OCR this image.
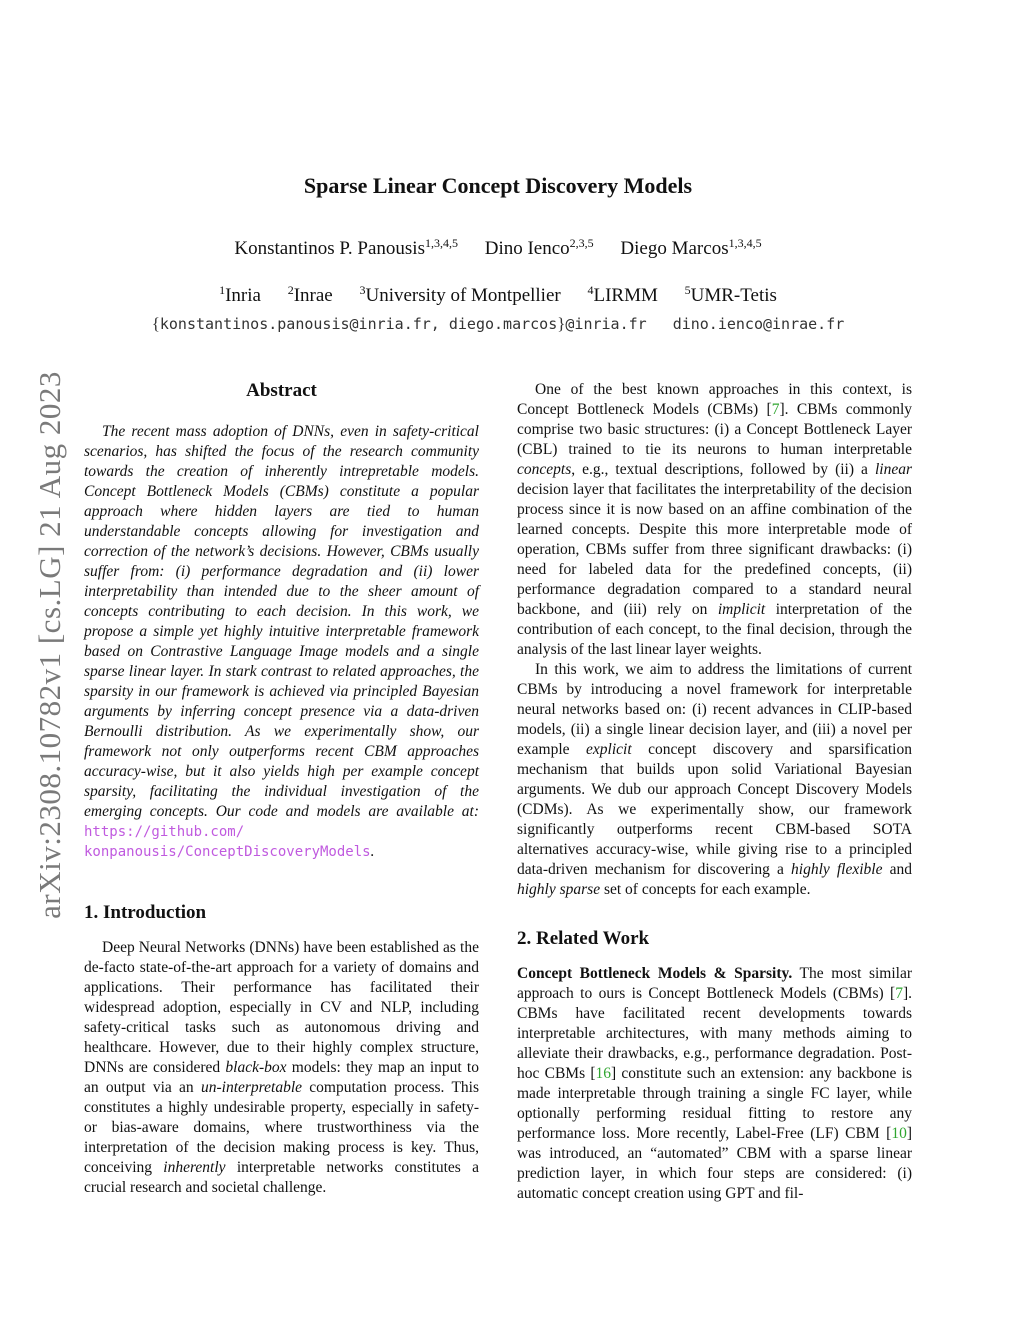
arXiv:2308.10782v1 [cs.LG] 21 Aug 2023
Sparse Linear Concept Discovery Models
Konstantinos P. Panousis$^{1,3,4,5}$ Dino Ienco$^{2,3,5}$ Diego Marcos$^{1,3,4,5}$
$^1$Inria $^2$Inrae $^3$University of Montpellier $^4$LIRMM $^5$UMR-Tetis
{konstantinos.panousis@inria.fr, diego.marcos}@inria.fr dino.ienco@inrae.fr
Abstract

The recent mass adoption of DNNs, even in safety-critical scenarios, has shifted the focus of the research community towards the creation of inherently intrepretable models. Concept Bottleneck Models (CBMs) constitute a popular approach where hidden layers are tied to human understandable concepts allowing for investigation and correction of the network’s decisions. However, CBMs usually suffer from: (i) performance degradation and (ii) lower interpretability than intended due to the sheer amount of concepts contributing to each decision. In this work, we propose a simple yet highly intuitive interpretable framework based on Contrastive Language Image models and a single sparse linear layer. In stark contrast to related approaches, the sparsity in our framework is achieved via principled Bayesian arguments by inferring concept presence via a data-driven Bernoulli distribution. As we experimentally show, our framework not only outperforms recent CBM approaches accuracy-wise, but it also yields high per example concept sparsity, facilitating the individual investigation of the emerging concepts. Our code and models are available at: https://github.com/ konpanousis/ConceptDiscoveryModels.

1. Introduction

Deep Neural Networks (DNNs) have been established as the de-facto state-of-the-art approach for a variety of domains and applications. Their performance has facilitated their widespread adoption, especially in CV and NLP, including safety-critical tasks such as autonomous driving and healthcare. However, due to their highly complex structure, DNNs are considered black-box models: they map an input to an output via an un-interpretable computation process. This constitutes a highly undesirable property, especially in safety- or bias-aware domains, where trustworthiness via the interpretation of the decision making process is key. Thus, conceiving inherently interpretable networks constitutes a crucial research and societal challenge.

One of the best known approaches in this context, is Concept Bottleneck Models (CBMs) [7]. CBMs commonly comprise two basic structures: (i) a Concept Bottleneck Layer (CBL) trained to tie its neurons to human interpretable concepts, e.g., textual descriptions, followed by (ii) a linear decision layer that facilitates the interpretability of the decision process since it is now based on an affine combination of the learned concepts. Despite this more interpretable mode of operation, CBMs suffer from three significant drawbacks: (i) need for labeled data for the predefined concepts, (ii) performance degradation compared to a standard neural backbone, and (iii) rely on implicit interpretation of the contribution of each concept, to the final decision, through the analysis of the last linear layer weights.

In this work, we aim to address the limitations of current CBMs by introducing a novel framework for interpretable neural networks based on: (i) recent advances in CLIP-based models, (ii) a single linear decision layer, and (iii) a novel per example explicit concept discovery and sparsification mechanism that builds upon solid Variational Bayesian arguments. We dub our approach Concept Discovery Models (CDMs). As we experimentally show, our framework significantly outperforms recent CBM-based SOTA alternatives accuracy-wise, while giving rise to a principled data-driven mechanism for discovering a highly flexible and highly sparse set of concepts for each example.

2. Related Work

Concept Bottleneck Models & Sparsity. The most similar approach to ours is Concept Bottleneck Models (CBMs) [7]. CBMs have facilitated recent developments towards interpretable architectures, with many methods aiming to alleviate their drawbacks, e.g., performance degradation. Post-hoc CBMs [16] constitute such an extension: any backbone is made interpretable through training a single FC layer, while optionally performing residual fitting to restore any performance loss. More recently, Label-Free (LF) CBM [10] was introduced, an “automated” CBM with a sparse linear prediction layer, in which four steps are considered: (i) automatic concept creation using GPT and fil-
